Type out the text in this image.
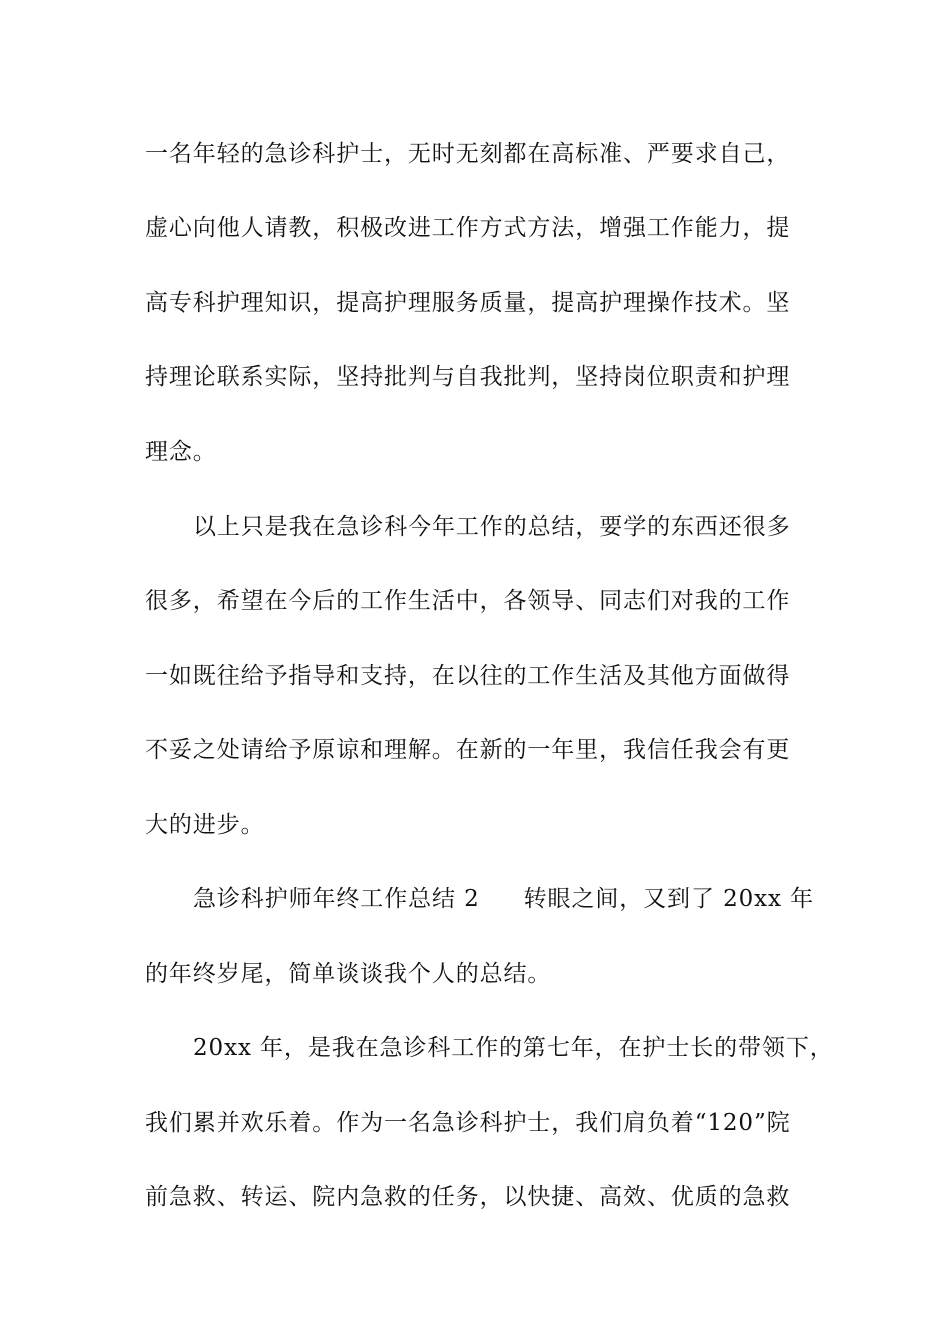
一名年轻的急诊科护士，无时无刻都在高标准、严要求自己，
虚心向他人请教，积极改进工作方式方法，增强工作能力，提
高专科护理知识，提高护理服务质量，提高护理操作技术。坚
持理论联系实际，坚持批判与自我批判，坚持岗位职责和护理
理念。
以上只是我在急诊科今年工作的总结，要学的东西还很多
很多，希望在今后的工作生活中，各领导、同志们对我的工作
一如既往给予指导和支持，在以往的工作生活及其他方面做得
不妥之处请给予原谅和理解。在新的一年里，我信任我会有更
大的进步。
急诊科护师年终工作总结 2 转眼之间，又到了 20xx 年
的年终岁尾，简单谈谈我个人的总结。
20xx 年，是我在急诊科工作的第七年，在护士长的带领下，
我们累并欢乐着。作为一名急诊科护士，我们肩负着“120”院
前急救、转运、院内急救的任务，以快捷、高效、优质的急救
